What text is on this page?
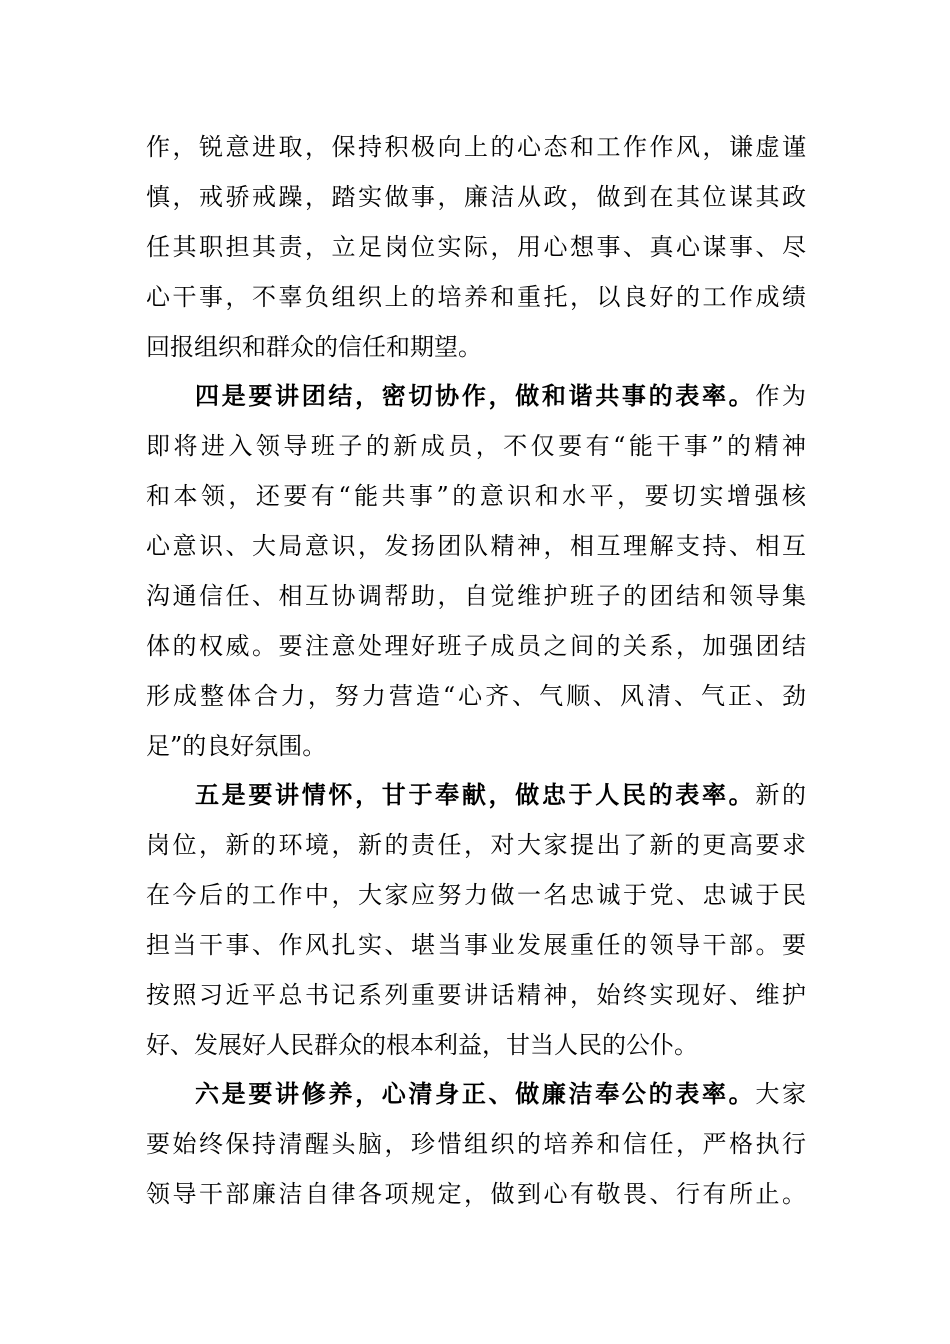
作，锐意进取，保持积极向上的心态和工作作风，谦虚谨
慎，戒骄戒躁，踏实做事，廉洁从政，做到在其位谋其政
任其职担其责，立足岗位实际，用心想事、真心谋事、尽
心干事，不辜负组织上的培养和重托，以良好的工作成绩
回报组织和群众的信任和期望。
四是要讲团结，密切协作，做和谐共事的表率。作为
即将进入领导班子的新成员，不仅要有“能干事”的精神
和本领，还要有“能共事”的意识和水平，要切实增强核
心意识、大局意识，发扬团队精神，相互理解支持、相互
沟通信任、相互协调帮助，自觉维护班子的团结和领导集
体的权威。要注意处理好班子成员之间的关系，加强团结
形成整体合力，努力营造“心齐、气顺、风清、气正、劲
足”的良好氛围。
五是要讲情怀，甘于奉献，做忠于人民的表率。新的
岗位，新的环境，新的责任，对大家提出了新的更高要求
在今后的工作中，大家应努力做一名忠诚于党、忠诚于民
担当干事、作风扎实、堪当事业发展重任的领导干部。要
按照习近平总书记系列重要讲话精神，始终实现好、维护
好、发展好人民群众的根本利益，甘当人民的公仆。
六是要讲修养，心清身正、做廉洁奉公的表率。大家
要始终保持清醒头脑，珍惜组织的培养和信任，严格执行
领导干部廉洁自律各项规定，做到心有敬畏、行有所止。
